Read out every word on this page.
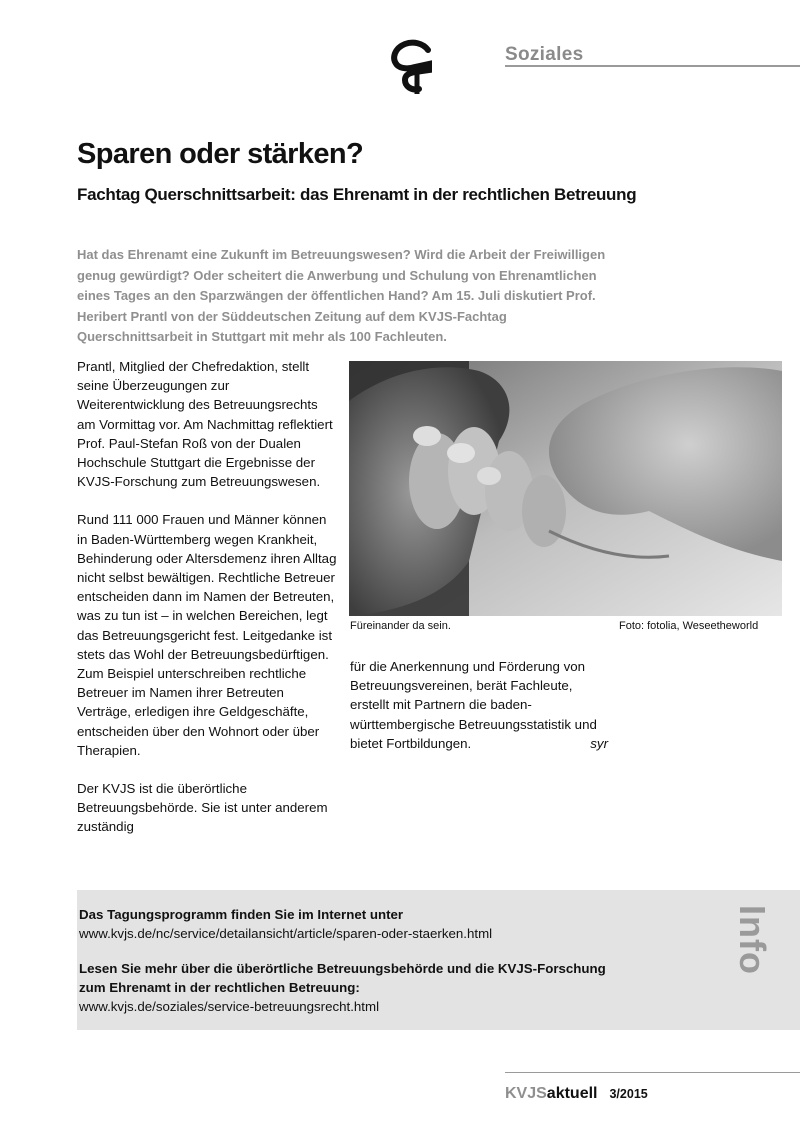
Soziales
Sparen oder stärken?
Fachtag Querschnittsarbeit: das Ehrenamt in der rechtlichen Betreuung

Hat das Ehrenamt eine Zukunft im Betreuungswesen? Wird die Arbeit der Freiwilligen genug gewürdigt? Oder scheitert die Anwerbung und Schulung von Ehrenamtlichen eines Tages an den Sparzwängen der öffentlichen Hand? Am 15. Juli diskutiert Prof. Heribert Prantl von der Süddeutschen Zeitung auf dem KVJS-Fachtag Querschnittsarbeit in Stuttgart mit mehr als 100 Fachleuten.

Prantl, Mitglied der Chefredaktion, stellt seine Überzeugungen zur Weiterentwicklung des Betreuungsrechts am Vormittag vor. Am Nachmittag reflektiert Prof. Paul-Stefan Roß von der Dualen Hochschule Stuttgart die Ergebnisse der KVJS-Forschung zum Betreuungswesen.

Rund 111 000 Frauen und Männer können in Baden-Württemberg wegen Krankheit, Behinderung oder Altersdemenz ihren Alltag nicht selbst bewältigen. Rechtliche Betreuer entscheiden dann im Namen der Betreuten, was zu tun ist – in welchen Bereichen, legt das Betreuungsgericht fest. Leitgedanke ist stets das Wohl der Betreuungsbedürftigen. Zum Beispiel unterschreiben rechtliche Betreuer im Namen ihrer Betreuten Verträge, erledigen ihre Geldgeschäfte, entscheiden über den Wohnort oder über Therapien.

Der KVJS ist die überörtliche Betreuungsbehörde. Sie ist unter anderem zuständig

Füreinander da sein.	Foto: fotolia, Weseetheworld

für die Anerkennung und Förderung von Betreuungsvereinen, berät Fachleute, erstellt mit Partnern die baden-württembergische Betreuungsstatistik und bietet Fortbildungen.	syr

Das Tagungsprogramm finden Sie im Internet unter
www.kvjs.de/nc/service/detailansicht/article/sparen-oder-staerken.html
Lesen Sie mehr über die überörtliche Betreuungsbehörde und die KVJS-Forschung
zum Ehrenamt in der rechtlichen Betreuung:
www.kvjs.de/soziales/service-betreuungsrecht.html
Info
KVJSaktuell 3/2015
